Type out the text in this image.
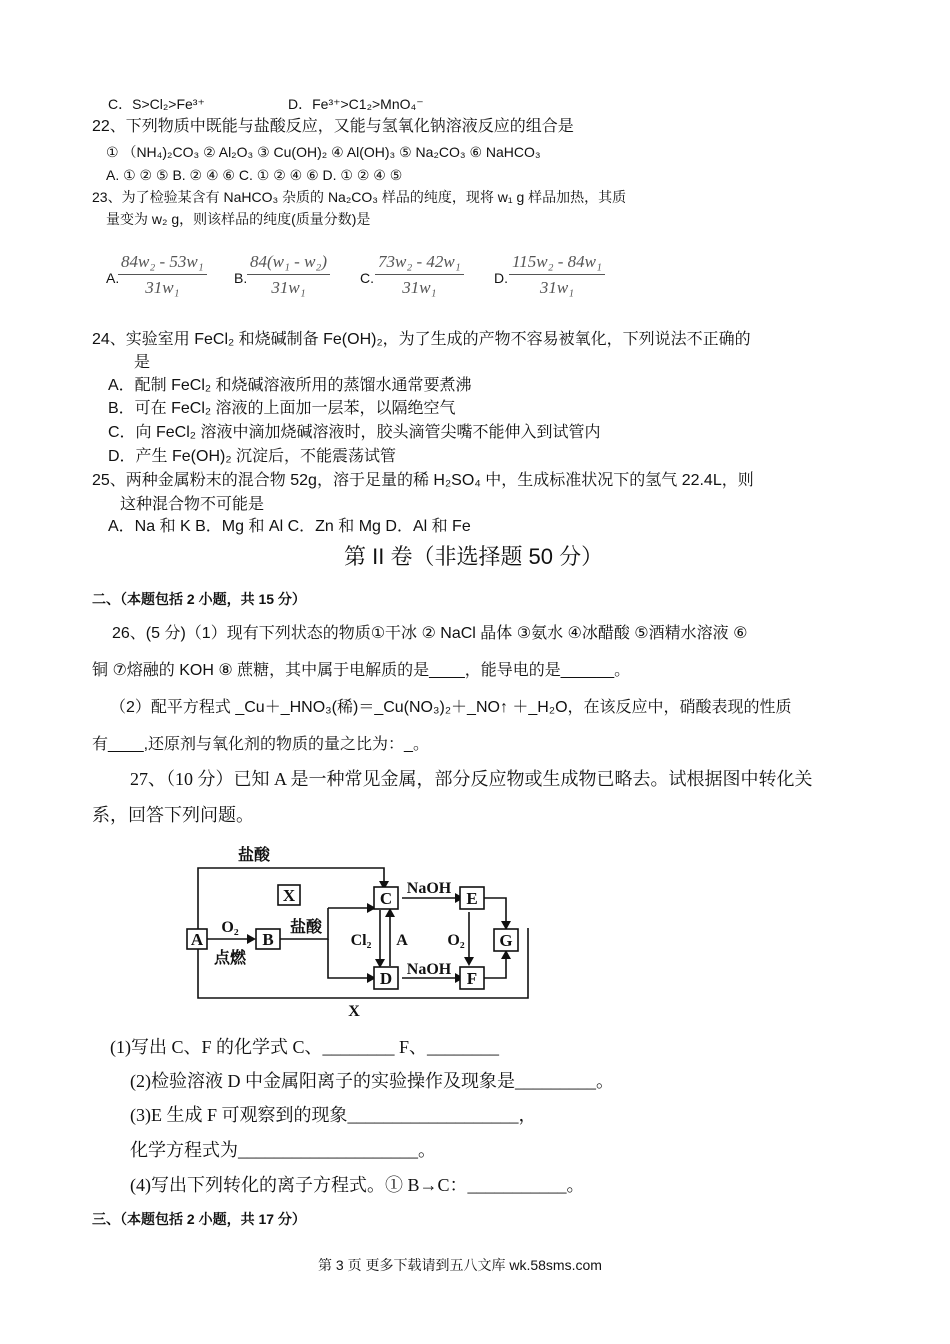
C．S>Cl₂>Fe³⁺	D．Fe³⁺>C1₂>MnO₄⁻
22、下列物质中既能与盐酸反应，又能与氢氧化钠溶液反应的组合是
① （NH₄)₂CO₃ ② Al₂O₃ ③ Cu(OH)₂ ④ Al(OH)₃ ⑤ Na₂CO₃ ⑥ NaHCO₃
A. ① ② ⑤ B. ② ④ ⑥ C. ① ② ④ ⑥ D. ① ② ④ ⑤
23、为了检验某含有 NaHCO₃ 杂质的 Na₂CO₃ 样品的纯度，现将 w₁ g 样品加热，其质
量变为 w₂ g，则该样品的纯度(质量分数)是
A.
$\frac{\text{84w₂ - 53w₁}}{\text{31w₁}} B$. $\frac{\text{84(w₁ - w₂)}}{\text{31w₁}} C$. $\frac{\text{73w₂ - 42w₁}}{\text{31w₁}} D$. $\frac{\text{115w₂ - 84w₁}}{\text{31w₁}}$
24、实验室用 FeCl₂ 和烧碱制备 Fe(OH)₂，为了生成的产物不容易被氧化，下列说法不正确的
是
A．配制 FeCl₂ 和烧碱溶液所用的蒸馏水通常要煮沸
B．可在 FeCl₂ 溶液的上面加一层苯，以隔绝空气
C．向 FeCl₂ 溶液中滴加烧碱溶液时，胶头滴管尖嘴不能伸入到试管内
D．产生 Fe(OH)₂ 沉淀后，不能震荡试管
25、两种金属粉末的混合物 52g，溶于足量的稀 H₂SO₄ 中，生成标准状况下的氢气 22.4L，则
这种混合物不可能是
A．Na 和 K B．Mg 和 Al C．Zn 和 Mg D．Al 和 Fe
第 II 卷（非选择题 50 分）
二、（本题包括 2 小题，共 15 分）
26、(5 分)（1）现有下列状态的物质①干冰 ② NaCl 晶体 ③氨水 ④冰醋酸 ⑤酒精水溶液 ⑥
铜 ⑦熔融的 KOH ⑧ 蔗糖，其中属于电解质的是____，能导电的是______。
（2）配平方程式 _Cu＋_HNO₃(稀)＝_Cu(NO₃)₂＋_NO↑ ＋_H₂O，在该反应中，硝酸表现的性质
有____,还原剂与氧化剂的物质的量之比为：_。
27、（10 分）已知 A 是一种常见金属，部分反应物或生成物已略去。试根据图中转化关
系，回答下列问题。
A	B
C
D
E
F
G
X
盐酸
O₂
点燃
盐酸
Cl₂ A
NaOH
NaOH
O₂
X
(1)写出 C、F 的化学式 C、________ F、________
(2)检验溶液 D 中金属阳离子的实验操作及现象是_________。
(3)E 生成 F 可观察到的现象___________________，
化学方程式为____________________。
(4)写出下列转化的离子方程式。① B→C：___________。
三、（本题包括 2 小题，共 17 分）
第 3 页 更多下载请到五八文库 wk.58sms.com
